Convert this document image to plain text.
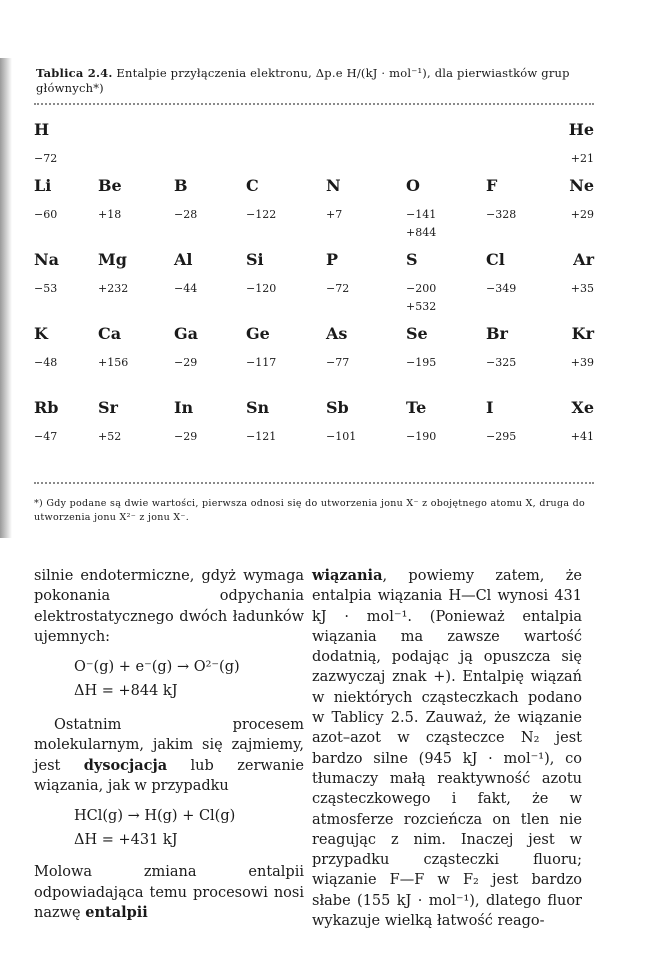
Tablica 2.4. Entalpie przyłączenia elektronu, Δp.e H/(kJ · mol⁻¹), dla pierwiastków grup głównych*)
H
−72
He
+21
Li
−60
Be
+18
B
−28
C
−122
N
+7
O
−141
+844
F
−328
Ne
+29
Na
−53
Mg
+232
Al
−44
Si
−120
P
−72
S
−200
+532
Cl
−349
Ar
+35
K
−48
Ca
+156
Ga
−29
Ge
−117
As
−77
Se
−195
Br
−325
Kr
+39
Rb
−47
Sr
+52
In
−29
Sn
−121
Sb
−101
Te
−190
I
−295
Xe
+41
*) Gdy podane są dwie wartości, pierwsza odnosi się do utworzenia jonu X⁻ z obojętnego atomu X, druga do utworzenia jonu X²⁻ z jonu X⁻.

silnie endotermiczne, gdyż wymaga pokonania odpychania elektrostatycznego dwóch ładunków ujemnych:

O⁻(g) + e⁻(g) → O²⁻(g)
ΔH = +844 kJ

Ostatnim procesem molekularnym, jakim się zajmiemy, jest dysocjacja lub zerwanie wiązania, jak w przypadku

HCl(g) → H(g) + Cl(g)
ΔH = +431 kJ

Molowa zmiana entalpii odpowiadająca temu procesowi nosi nazwę entalpii

wiązania, powiemy zatem, że entalpia wiązania H—Cl wynosi 431 kJ · mol⁻¹. (Ponieważ entalpia wiązania ma zawsze wartość dodatnią, podając ją opuszcza się zazwyczaj znak +). Entalpię wiązań w niektórych cząsteczkach podano w Tablicy 2.5. Zauważ, że wiązanie azot–azot w cząsteczce N₂ jest bardzo silne (945 kJ · mol⁻¹), co tłumaczy małą reaktywność azotu cząsteczkowego i fakt, że w atmosferze rozcieńcza on tlen nie reagując z nim. Inaczej jest w przypadku cząsteczki fluoru; wiązanie F—F w F₂ jest bardzo słabe (155 kJ · mol⁻¹), dlatego fluor wykazuje wielką łatwość reago-
